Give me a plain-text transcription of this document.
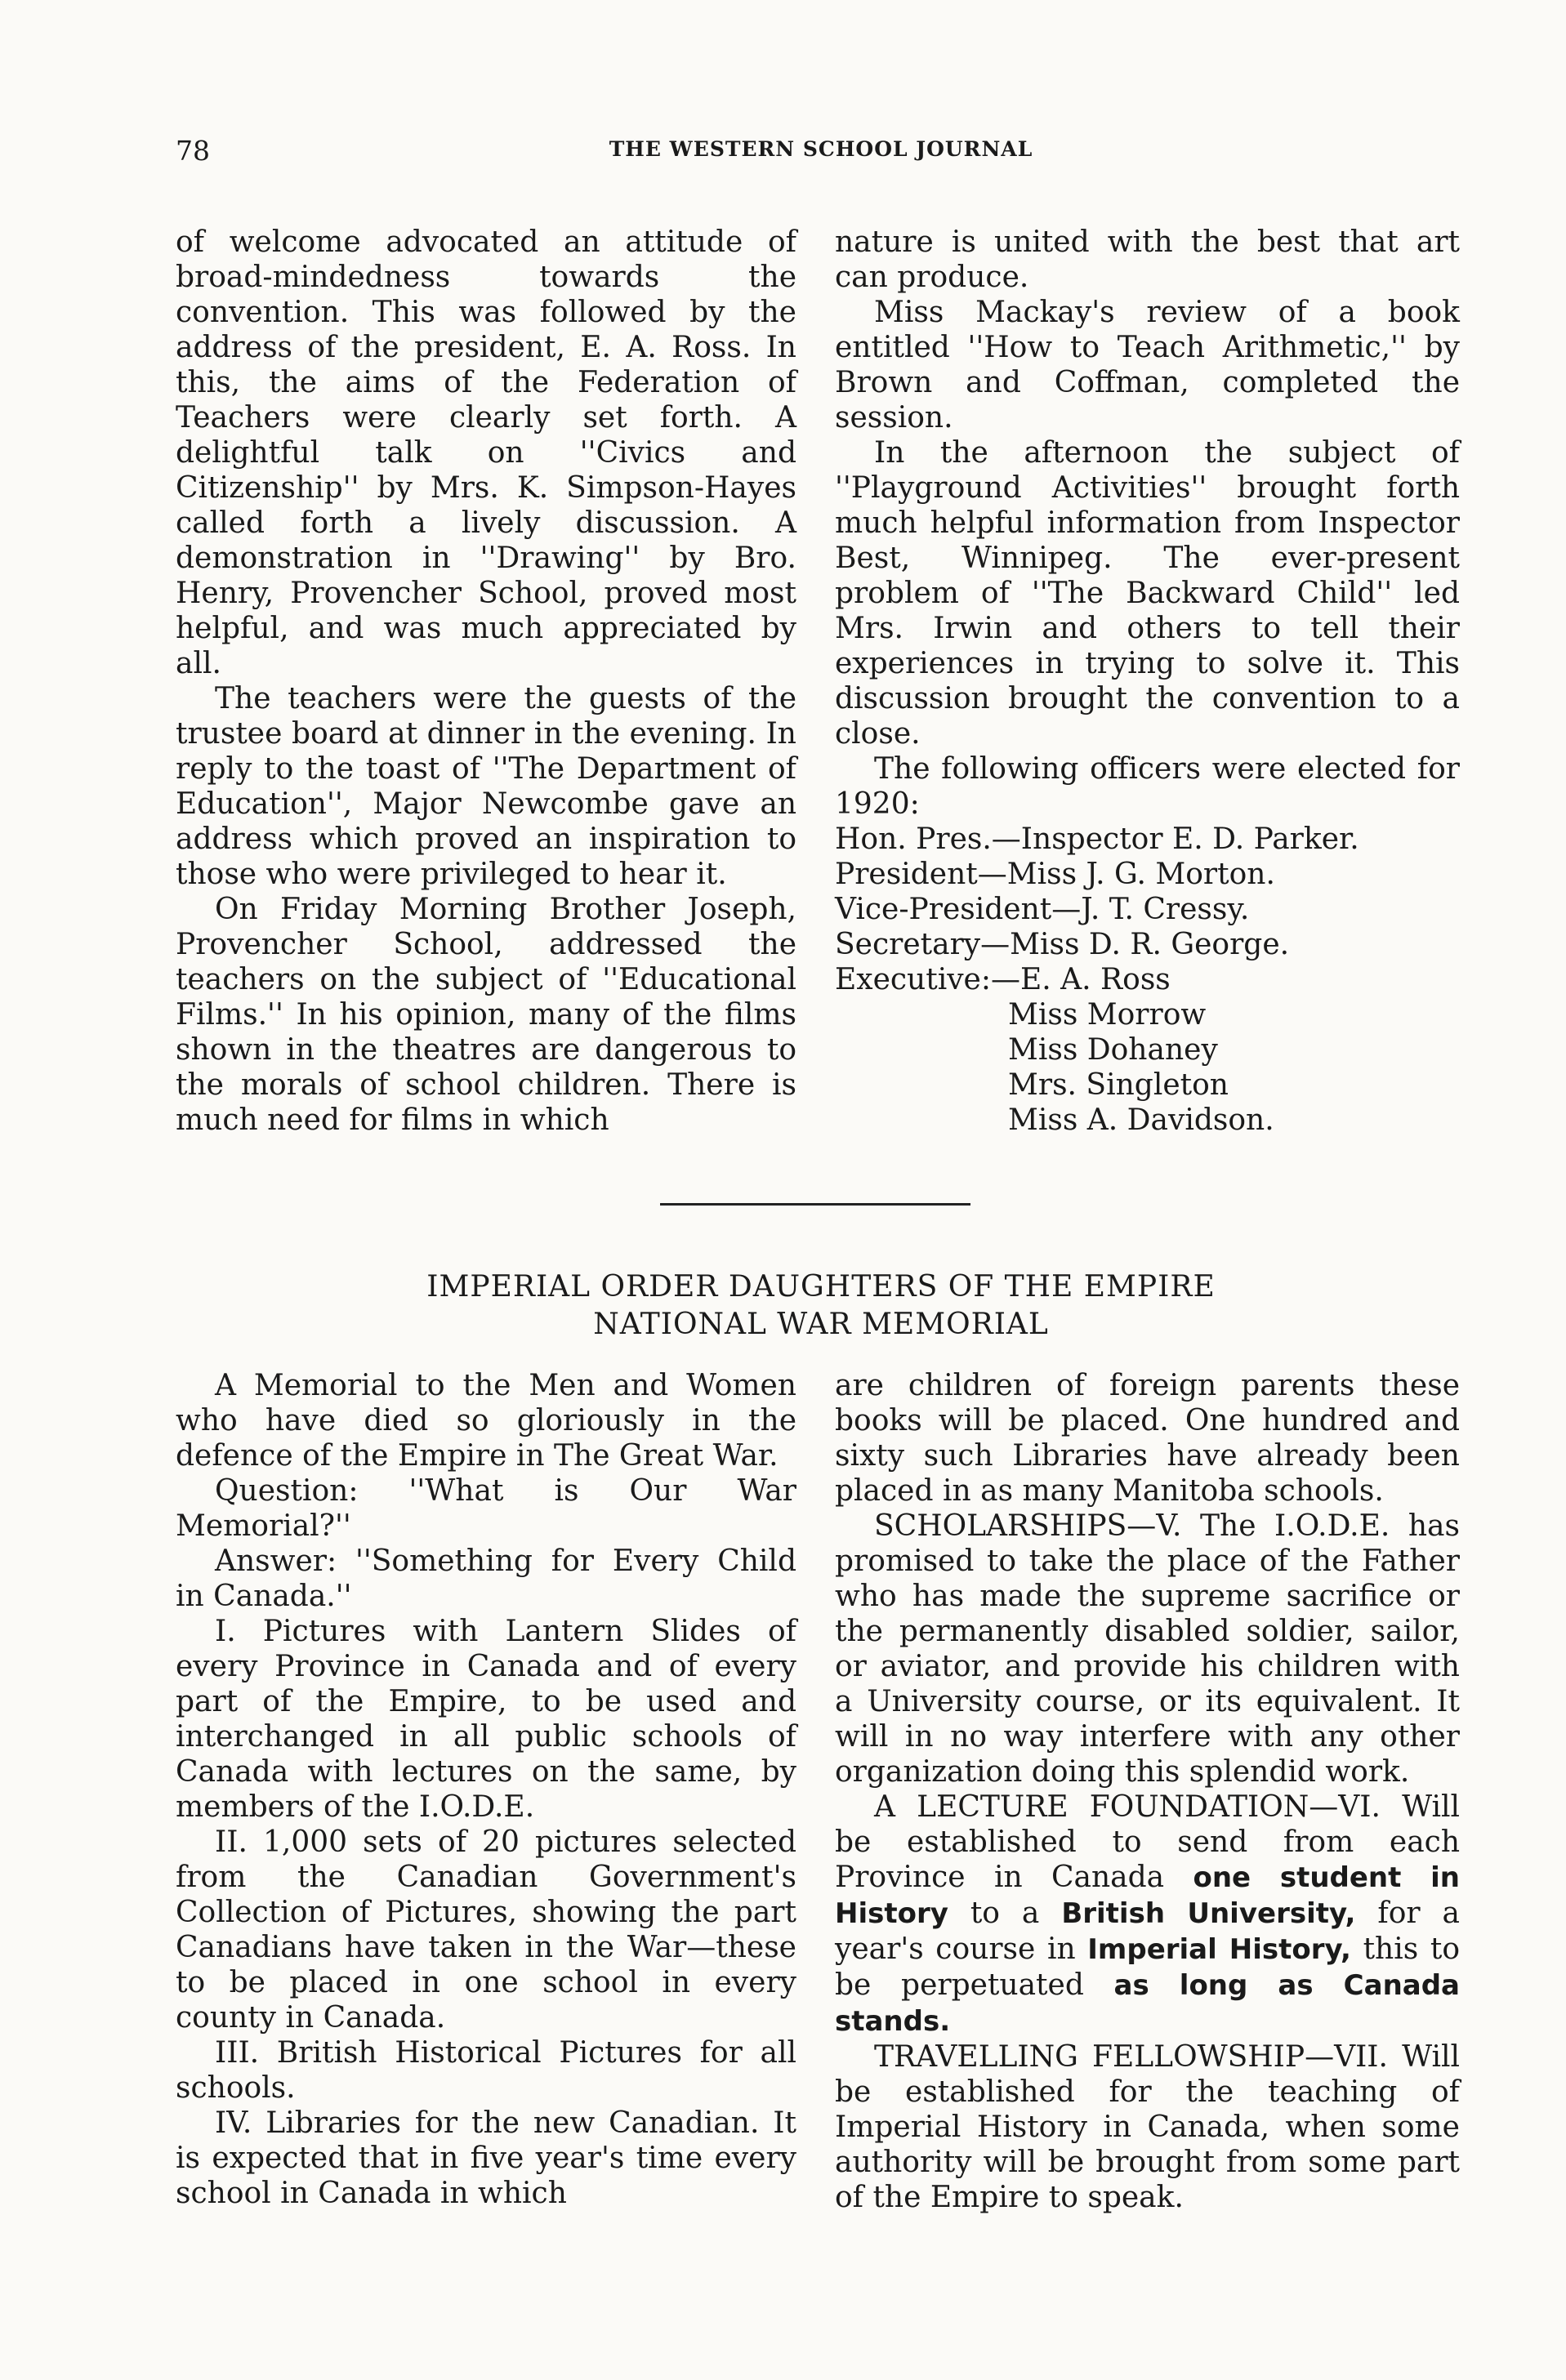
78	THE WESTERN SCHOOL JOURNAL

of welcome advocated an attitude of broad-mindedness towards the convention. This was followed by the address of the president, E. A. Ross. In this, the aims of the Federation of Teachers were clearly set forth. A delightful talk on ''Civics and Citizenship'' by Mrs. K. Simpson-Hayes called forth a lively discussion. A demonstration in ''Drawing'' by Bro. Henry, Provencher School, proved most helpful, and was much appreciated by all.

The teachers were the guests of the trustee board at dinner in the evening. In reply to the toast of ''The Department of Education'', Major Newcombe gave an address which proved an inspiration to those who were privileged to hear it.

On Friday Morning Brother Joseph, Provencher School, addressed the teachers on the subject of ''Educational Films.'' In his opinion, many of the films shown in the theatres are dangerous to the morals of school children. There is much need for films in which

nature is united with the best that art can produce.

Miss Mackay's review of a book entitled ''How to Teach Arithmetic,'' by Brown and Coffman, completed the session.

In the afternoon the subject of ''Playground Activities'' brought forth much helpful information from Inspector Best, Winnipeg. The ever-present problem of ''The Backward Child'' led Mrs. Irwin and others to tell their experiences in trying to solve it. This discussion brought the convention to a close.

The following officers were elected for 1920:

Hon. Pres.—Inspector E. D. Parker.
President—Miss J. G. Morton.
Vice-President—J. T. Cressy.
Secretary—Miss D. R. George.
Executive:—E. A. Ross
Miss Morrow
Miss Dohaney
Mrs. Singleton
Miss A. Davidson.
IMPERIAL ORDER DAUGHTERS OF THE EMPIRE
NATIONAL WAR MEMORIAL

A Memorial to the Men and Women who have died so gloriously in the defence of the Empire in The Great War.

Question: ''What is Our War Memorial?''

Answer: ''Something for Every Child in Canada.''

I. Pictures with Lantern Slides of every Province in Canada and of every part of the Empire, to be used and interchanged in all public schools of Canada with lectures on the same, by members of the I.O.D.E.

II. 1,000 sets of 20 pictures selected from the Canadian Government's Collection of Pictures, showing the part Canadians have taken in the War—these to be placed in one school in every county in Canada.

III. British Historical Pictures for all schools.

IV. Libraries for the new Canadian. It is expected that in five year's time every school in Canada in which

are children of foreign parents these books will be placed. One hundred and sixty such Libraries have already been placed in as many Manitoba schools.

SCHOLARSHIPS—V. The I.O.D.E. has promised to take the place of the Father who has made the supreme sacrifice or the permanently disabled soldier, sailor, or aviator, and provide his children with a University course, or its equivalent. It will in no way interfere with any other organization doing this splendid work.

A LECTURE FOUNDATION—VI. Will be established to send from each Province in Canada one student in History to a British University, for a year's course in Imperial History, this to be perpetuated as long as Canada stands.

TRAVELLING FELLOWSHIP—VII. Will be established for the teaching of Imperial History in Canada, when some authority will be brought from some part of the Empire to speak.
